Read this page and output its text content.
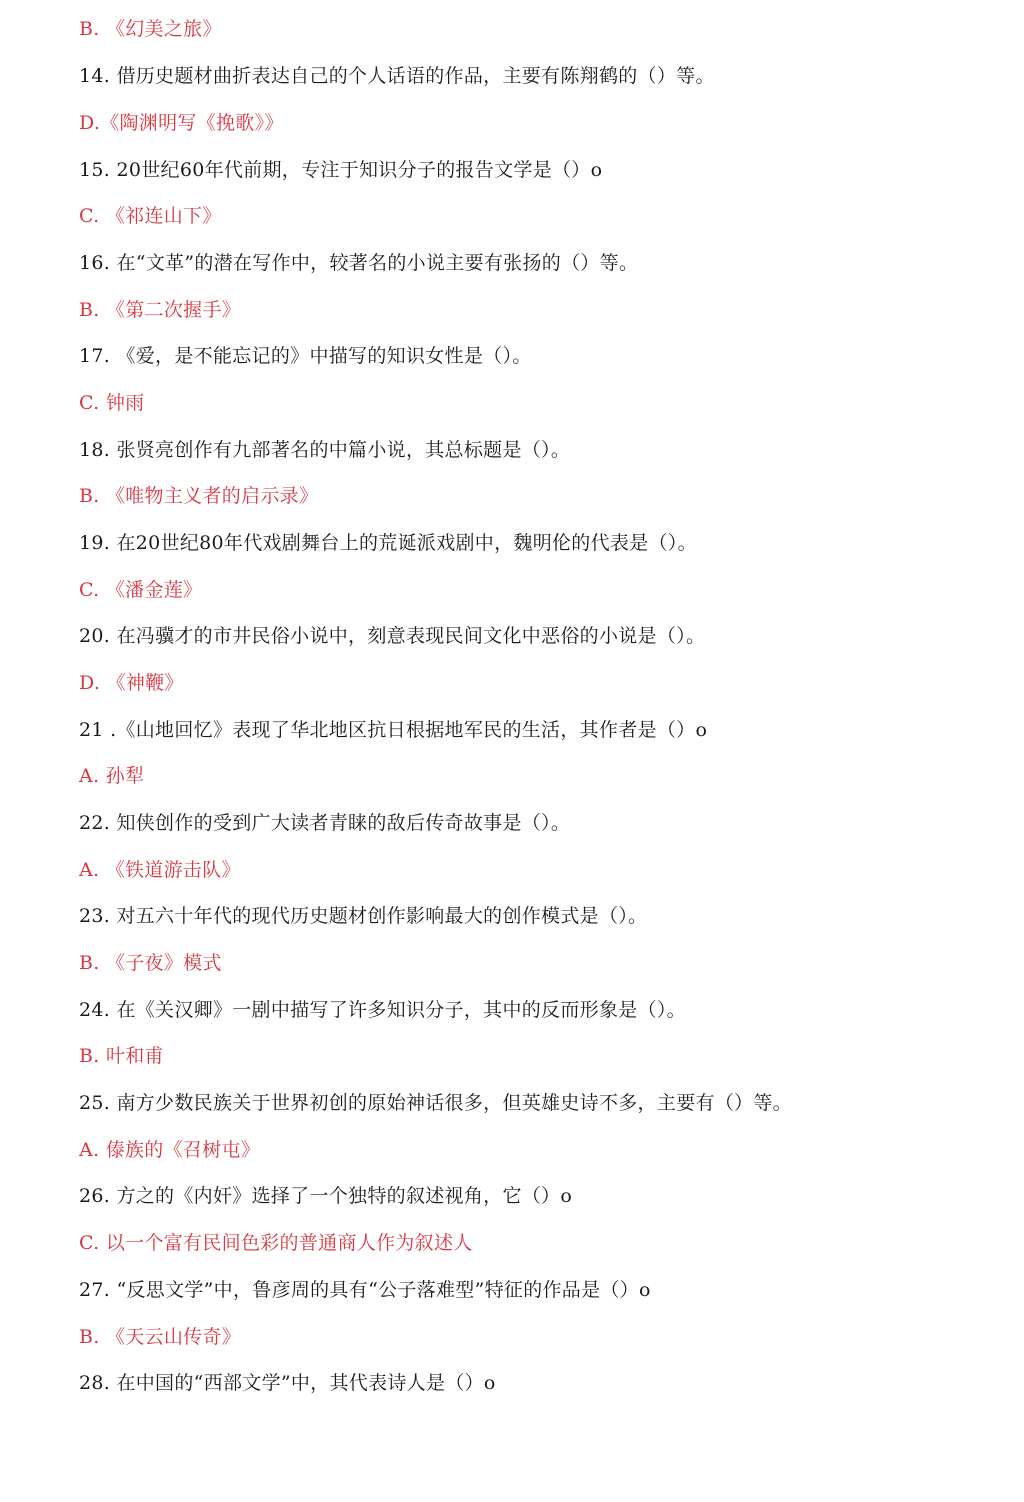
B. 《幻美之旅》
14. 借历史题材曲折表达自己的个人话语的作品，主要有陈翔鹤的（）等。
D.《陶渊明写《挽歌》》
15. 20世纪60年代前期，专注于知识分子的报告文学是（）o
C. 《祁连山下》
16. 在“文革”的潜在写作中，较著名的小说主要有张扬的（）等。
B. 《第二次握手》
17. 《爱，是不能忘记的》中描写的知识女性是（）。
C. 钟雨
18. 张贤亮创作有九部著名的中篇小说，其总标题是（）。
B. 《唯物主义者的启示录》
19. 在20世纪80年代戏剧舞台上的荒诞派戏剧中，魏明伦的代表是（）。
C. 《潘金莲》
20. 在冯骥才的市井民俗小说中，刻意表现民间文化中恶俗的小说是（）。
D. 《神鞭》
21 .《山地回忆》表现了华北地区抗日根据地军民的生活，其作者是（）o
A. 孙犁
22. 知侠创作的受到广大读者青睐的敌后传奇故事是（）。
A. 《铁道游击队》
23. 对五六十年代的现代历史题材创作影响最大的创作模式是（）。
B. 《子夜》模式
24. 在《关汉卿》一剧中描写了许多知识分子，其中的反而形象是（）。
B. 叶和甫
25. 南方少数民族关于世界初创的原始神话很多，但英雄史诗不多，主要有（）等。
A. 傣族的《召树屯》
26. 方之的《内奸》选择了一个独特的叙述视角，它（）o
C. 以一个富有民间色彩的普通商人作为叙述人
27. “反思文学”中，鲁彦周的具有“公子落难型”特征的作品是（）o
B. 《天云山传奇》
28. 在中国的“西部文学”中，其代表诗人是（）o
